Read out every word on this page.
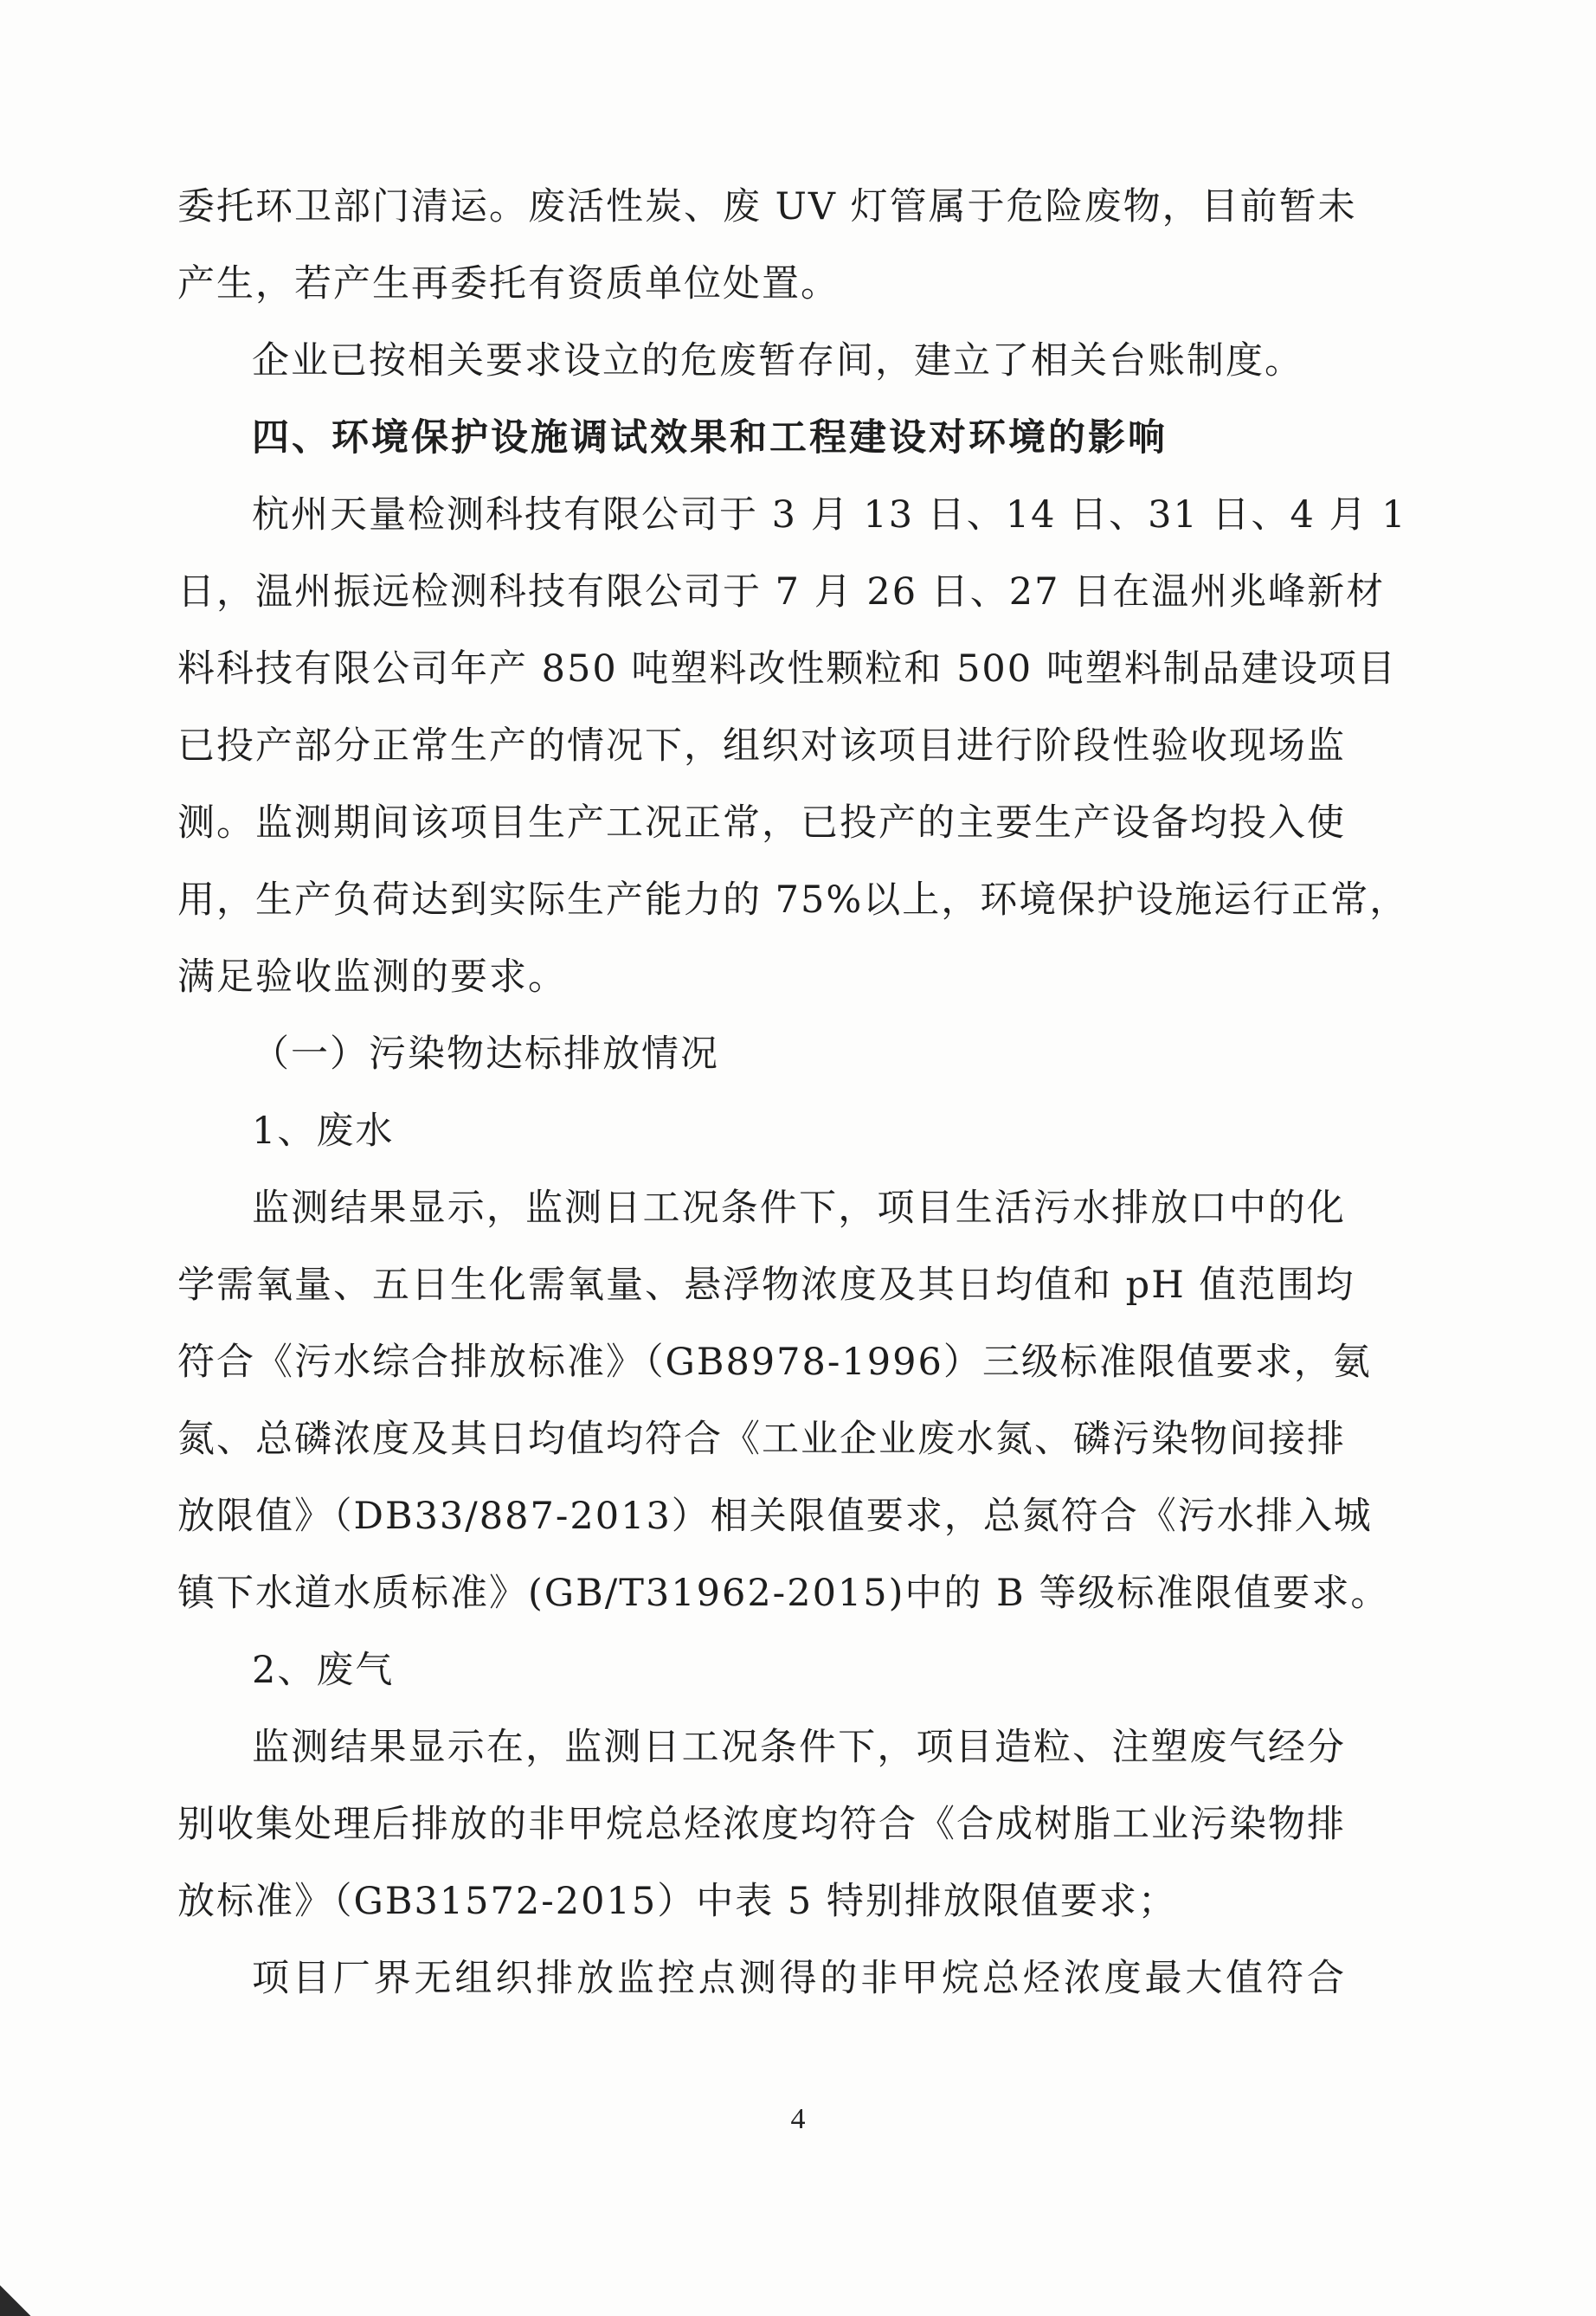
委托环卫部门清运。废活性炭、废 UV 灯管属于危险废物，目前暂未
产生，若产生再委托有资质单位处置。
企业已按相关要求设立的危废暂存间，建立了相关台账制度。
四、环境保护设施调试效果和工程建设对环境的影响
杭州天量检测科技有限公司于 3 月 13 日、14 日、31 日、4 月 1
日，温州振远检测科技有限公司于 7 月 26 日、27 日在温州兆峰新材
料科技有限公司年产 850 吨塑料改性颗粒和 500 吨塑料制品建设项目
已投产部分正常生产的情况下，组织对该项目进行阶段性验收现场监
测。监测期间该项目生产工况正常，已投产的主要生产设备均投入使
用，生产负荷达到实际生产能力的 75%以上，环境保护设施运行正常，
满足验收监测的要求。
（一）污染物达标排放情况
1、废水
监测结果显示，监测日工况条件下，项目生活污水排放口中的化
学需氧量、五日生化需氧量、悬浮物浓度及其日均值和 pH 值范围均
符合《污水综合排放标准》（GB8978-1996）三级标准限值要求，氨
氮、总磷浓度及其日均值均符合《工业企业废水氮、磷污染物间接排
放限值》（DB33/887-2013）相关限值要求，总氮符合《污水排入城
镇下水道水质标准》(GB/T31962-2015)中的 B 等级标准限值要求。
2、废气
监测结果显示在，监测日工况条件下，项目造粒、注塑废气经分
别收集处理后排放的非甲烷总烃浓度均符合《合成树脂工业污染物排
放标准》（GB31572-2015）中表 5 特别排放限值要求；
项目厂界无组织排放监控点测得的非甲烷总烃浓度最大值符合
4
